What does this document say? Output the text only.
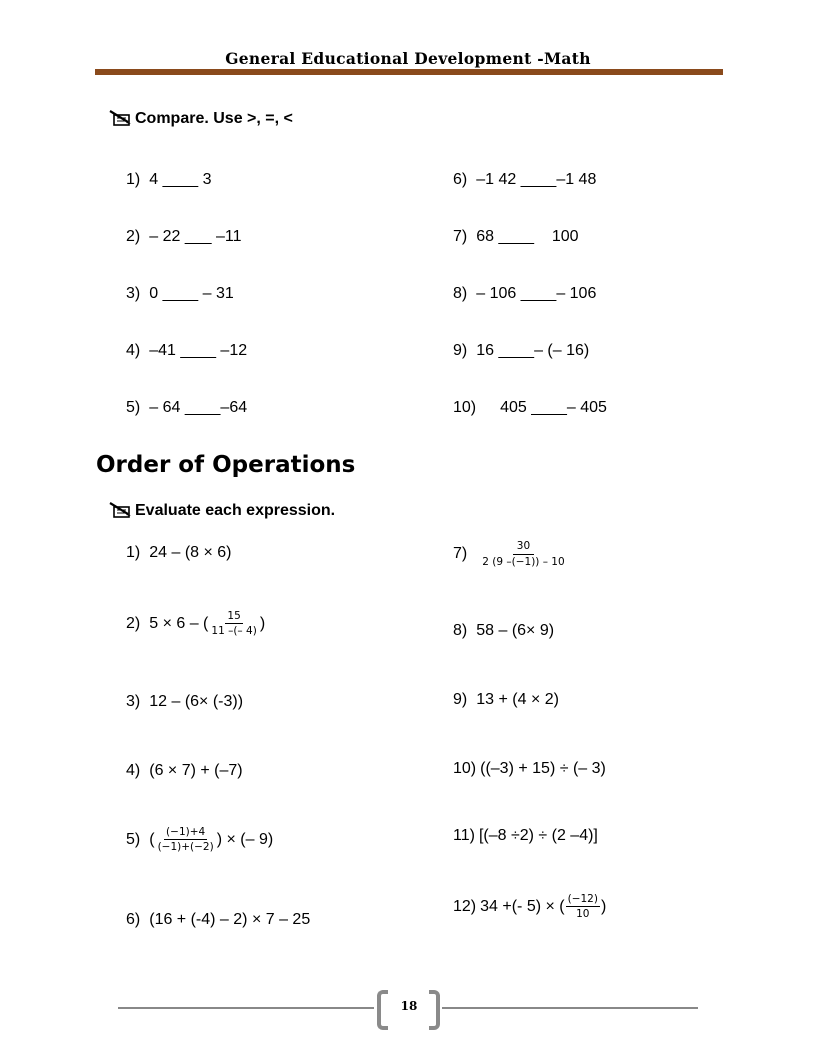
General Educational Development -Math
Compare. Use >, =, <
1) 4 ____ 3
2) – 22 ___ –11
3) 0 ____ – 31
4) –41 ____ –12
5) – 64 ____–64
6) –1 42 ____–1 48
7) 68 ____    100
8) – 106 ____– 106
9) 16 ____– (– 16)
10) 405 ____– 405
Order of Operations
Evaluate each expression.
1) 24 – (8 × 6)
2) 5 × 6 – ( $\frac{15}{11 -(- 4)}$ )
3) 12 – (6× (-3))
4) (6 × 7) + (–7)
5) ( $\frac{(-1)+4}{(-1)+(-2)}$ ) × (– 9)
6) (16 + (-4) – 2) × 7 – 25
$7) \frac{30}{2 (9 -(-1)) - 10}$
8) 58 – (6× 9)
9) 13 + (4 × 2)
10) ((–3) + 15) ÷ (– 3)
11) [(–8 ÷2) ÷ (2 –4)]
12) 34 +(- 5) × ( $\frac{(-12)}{10}$ )
18
